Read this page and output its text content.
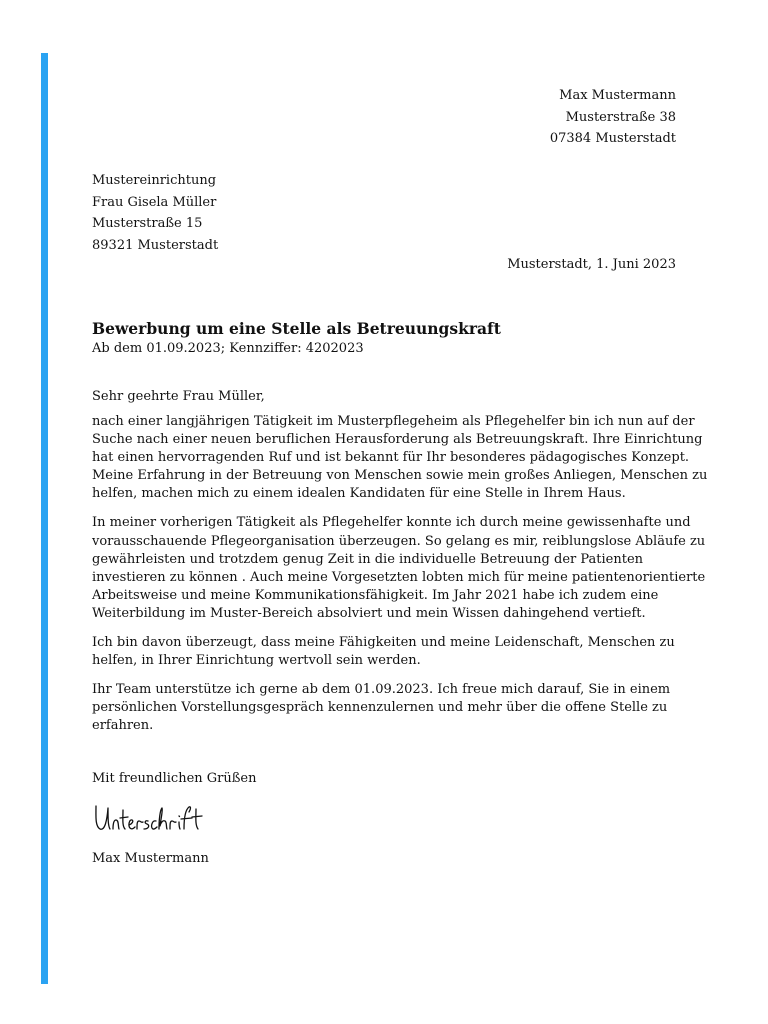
Max Mustermann
Musterstraße 38
07384 Musterstadt
Mustereinrichtung
Frau Gisela Müller
Musterstraße 15
89321 Musterstadt
Musterstadt, 1. Juni 2023
Bewerbung um eine Stelle als Betreuungskraft
Ab dem 01.09.2023; Kennziffer: 4202023
Sehr geehrte Frau Müller,

nach einer langjährigen Tätigkeit im Musterpflegeheim als Pflegehelfer bin ich nun auf der
Suche nach einer neuen beruflichen Herausforderung als Betreuungskraft. Ihre Einrichtung
hat einen hervorragenden Ruf und ist bekannt für Ihr besonderes pädagogisches Konzept.
Meine Erfahrung in der Betreuung von Menschen sowie mein großes Anliegen, Menschen zu
helfen, machen mich zu einem idealen Kandidaten für eine Stelle in Ihrem Haus.

In meiner vorherigen Tätigkeit als Pflegehelfer konnte ich durch meine gewissenhafte und
vorausschauende Pflegeorganisation überzeugen. So gelang es mir, reiblungslose Abläufe zu
gewährleisten und trotzdem genug Zeit in die individuelle Betreuung der Patienten
investieren zu können . Auch meine Vorgesetzten lobten mich für meine patientenorientierte
Arbeitsweise und meine Kommunikationsfähigkeit. Im Jahr 2021 habe ich zudem eine
Weiterbildung im Muster-Bereich absolviert und mein Wissen dahingehend vertieft.

Ich bin davon überzeugt, dass meine Fähigkeiten und meine Leidenschaft, Menschen zu
helfen, in Ihrer Einrichtung wertvoll sein werden.

Ihr Team unterstütze ich gerne ab dem 01.09.2023. Ich freue mich darauf, Sie in einem
persönlichen Vorstellungsgespräch kennenzulernen und mehr über die offene Stelle zu
erfahren.

Mit freundlichen Grüßen
Max Mustermann
